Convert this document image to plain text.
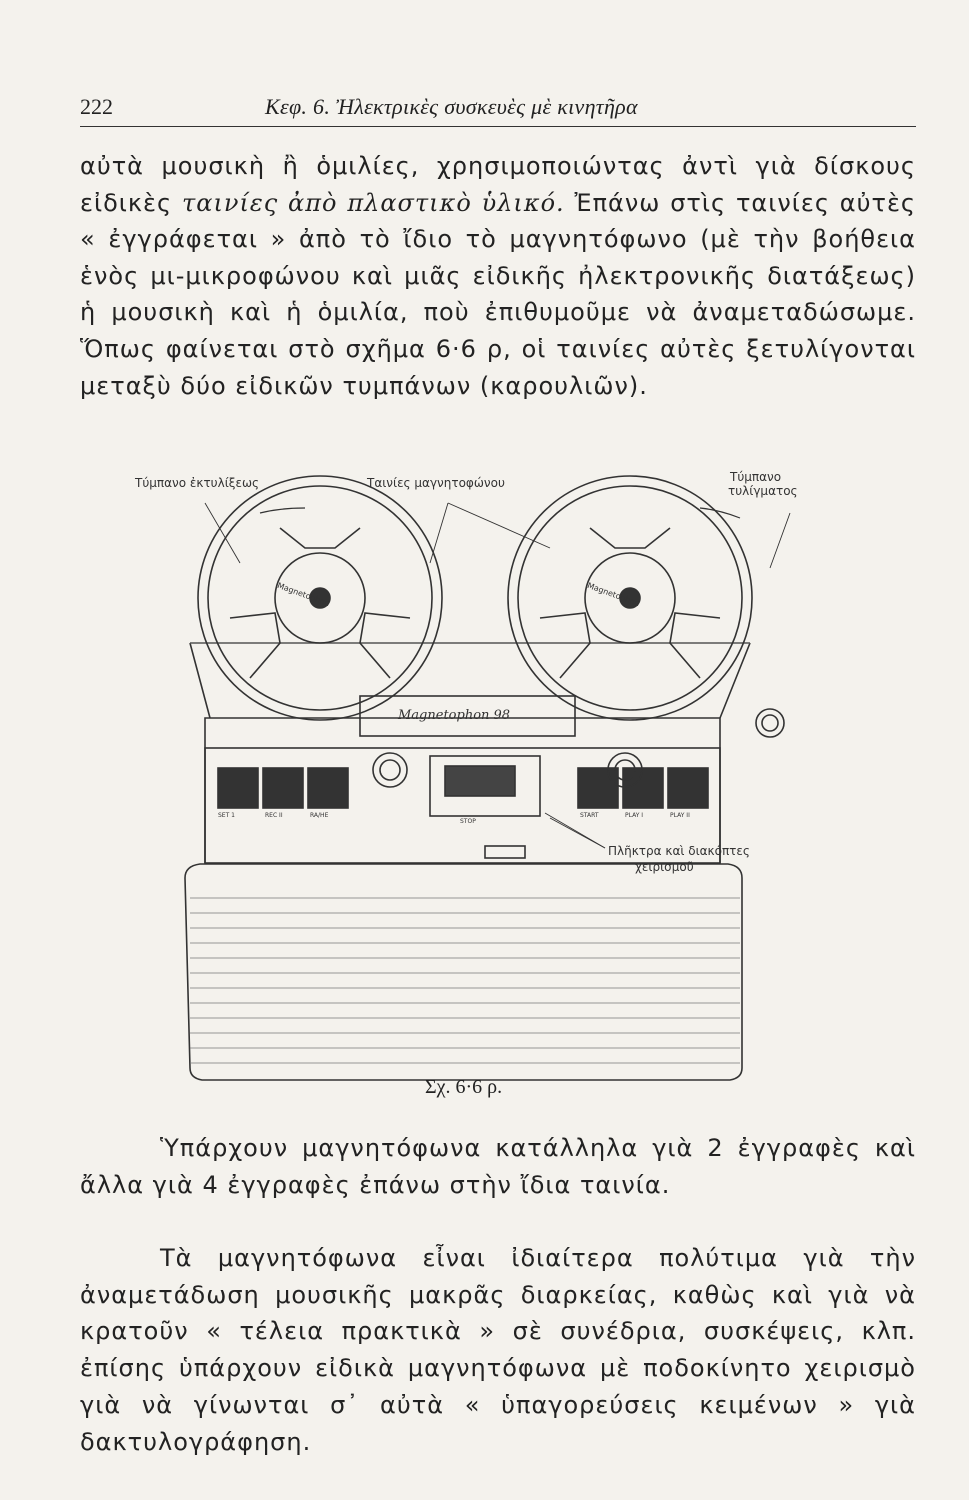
222	Κεφ. 6. Ἠλεκτρικὲς συσκευὲς μὲ κινητῆρα
αὐτὰ μουσικὴ ἢ ὁμιλίες, χρησιμοποιώντας ἀντὶ γιὰ δίσκους εἰδικὲς ταινίες ἀπὸ πλαστικὸ ὑλικό. Ἐπάνω στὶς ταινίες αὐτὲς « ἐγγράφεται » ἀπὸ τὸ ἴδιο τὸ μαγνητόφωνο (μὲ τὴν βοήθεια ἑνὸς μι-μικροφώνου καὶ μιᾶς εἰδικῆς ἠλεκτρονικῆς διατάξεως) ἡ μουσικὴ καὶ ἡ ὁμιλία, ποὺ ἐπιθυμοῦμε νὰ ἀναμεταδώσωμε. Ὅπως φαίνεται στὸ σχῆμα 6·6 ρ, οἱ ταινίες αὐτὲς ξετυλίγονται μεταξὺ δύο εἰδικῶν τυμπάνων (καρουλιῶν).
Τύμπανο ἐκτυλίξεως	Ταινίες μαγνητοφώνου	Τύμπανο
τυλίγματος
Πλῆκτρα καὶ διακόπτες
χειρισμοῦ
Magnetophon 98
Magnetophon	Magnetophon
SET 1	REC II	RA/HE
STOP
START	PLAY I	PLAY II
Σχ. 6·6 ρ.
Ὑπάρχουν μαγνητόφωνα κατάλληλα γιὰ 2 ἐγγραφὲς καὶ ἄλλα γιὰ 4 ἐγγραφὲς ἐπάνω στὴν ἴδια ταινία.
Τὰ μαγνητόφωνα εἶναι ἰδιαίτερα πολύτιμα γιὰ τὴν ἀναμετάδωση μουσικῆς μακρᾶς διαρκείας, καθὼς καὶ γιὰ νὰ κρατοῦν « τέλεια πρακτικὰ » σὲ συνέδρια, συσκέψεις, κλπ. ἐπίσης ὑπάρχουν εἰδικὰ μαγνητόφωνα μὲ ποδοκίνητο χειρισμὸ γιὰ νὰ γίνωνται σ᾿ αὐτὰ « ὑπαγορεύσεις κειμένων » γιὰ δακτυλογράφηση.
